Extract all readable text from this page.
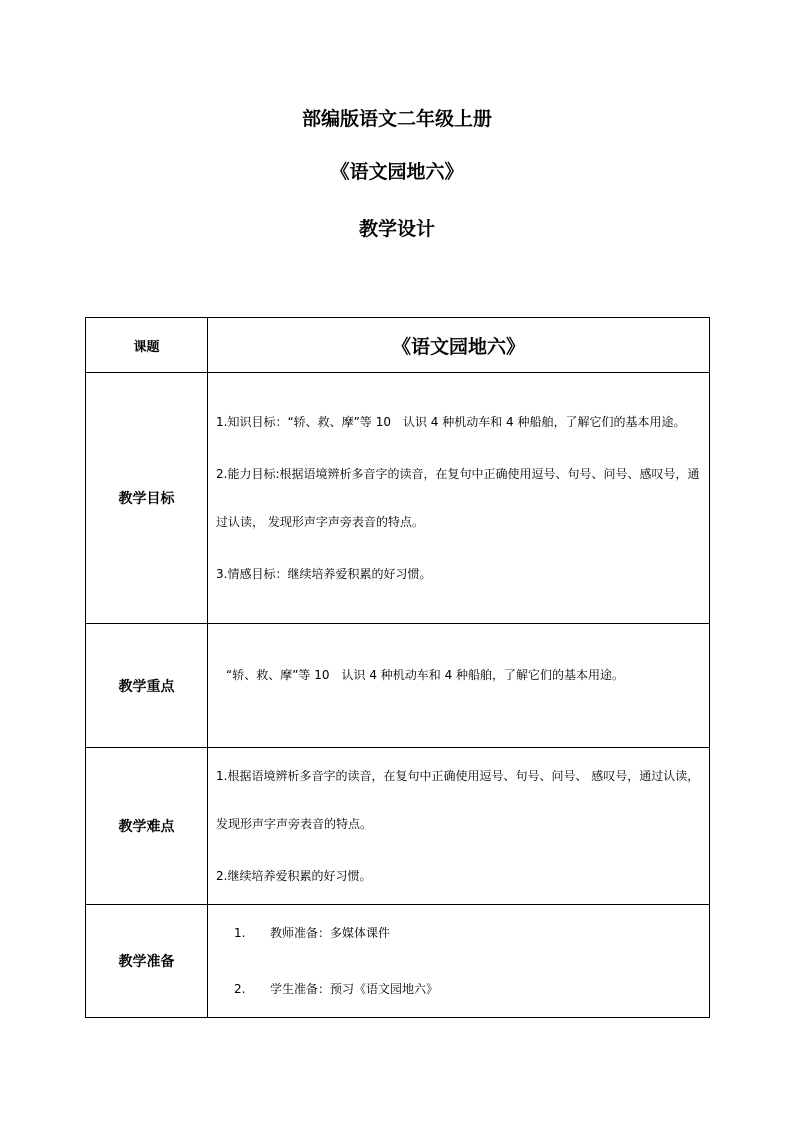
部编版语文二年级上册
《语文园地六》
教学设计
课题	《语文园地六》
教学目标	1.知识目标：“轿、救、摩”等 10　认识 4 种机动车和 4 种船舶，了解它们的基本用途。

2.能力目标:根据语境辨析多音字的读音，在复句中正确使用逗号、句号、问号、感叹号，通过认读， 发现形声字声旁表音的特点。

3.情感目标：继续培养爱积累的好习惯。

教学重点	“轿、救、摩”等 10　认识 4 种机动车和 4 种船舶，了解它们的基本用途。

教学难点	1.根据语境辨析多音字的读音，在复句中正确使用逗号、句号、问号、 感叹号，通过认读， 发现形声字声旁表音的特点。

2.继续培养爱积累的好习惯。

教学准备	1. 教师准备：多媒体课件
2. 学生准备：预习《语文园地六》
